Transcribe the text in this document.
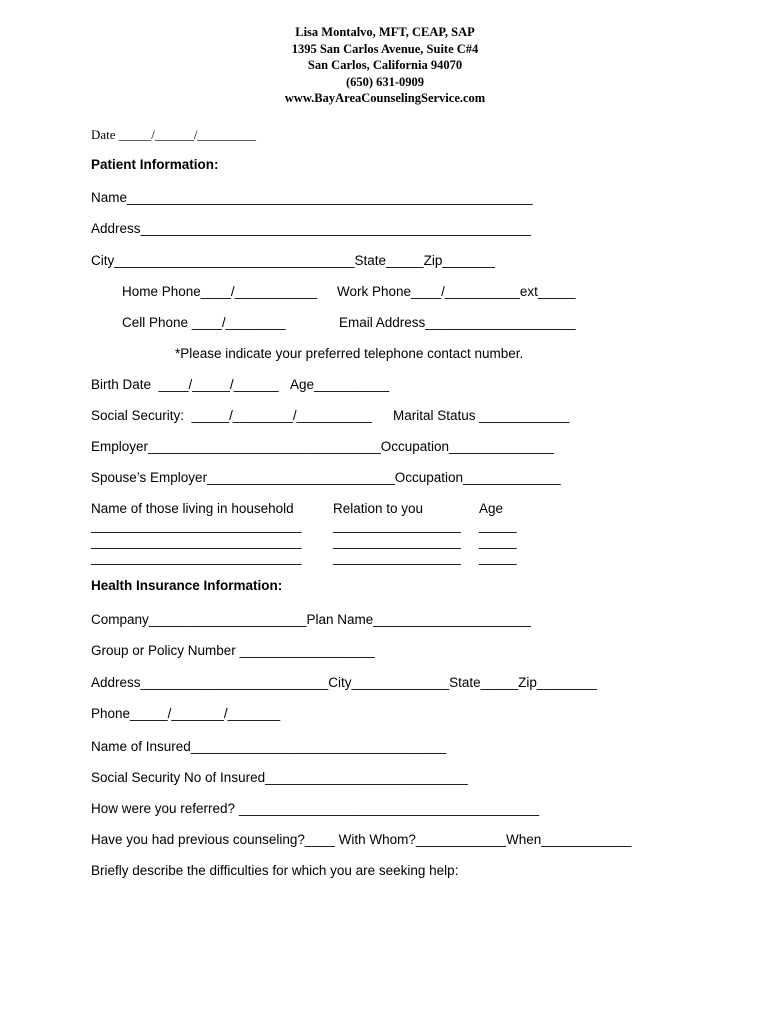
Lisa Montalvo, MFT, CEAP, SAP
1395 San Carlos Avenue, Suite C#4
San Carlos, California 94070
(650) 631-0909
www.BayAreaCounselingService.com
Date _____/______/_________
Patient Information:
Name______________________________________________________
Address____________________________________________________
City________________________________State_____Zip_______
Home Phone____/___________ Work Phone____/__________ext_____
Cell Phone ____/________	Email Address____________________
*Please indicate your preferred telephone contact number.
Birth Date  ____/_____/______ Age__________
Social Security:  _____/________/__________ Marital Status ____________
Employer_______________________________Occupation______________
Spouse’s Employer_________________________Occupation_____________
Name of those living in household	Relation to you	Age
____________________________ _________________ _____
____________________________ _________________ _____
____________________________ _________________ _____
Health Insurance Information:
Company_____________________Plan Name_____________________
Group or Policy Number __________________
Address_________________________City_____________State_____Zip________
Phone_____/_______/_______
Name of Insured__________________________________
Social Security No of Insured___________________________
How were you referred? ________________________________________
Have you had previous counseling?____ With Whom?____________When____________
Briefly describe the difficulties for which you are seeking help:
